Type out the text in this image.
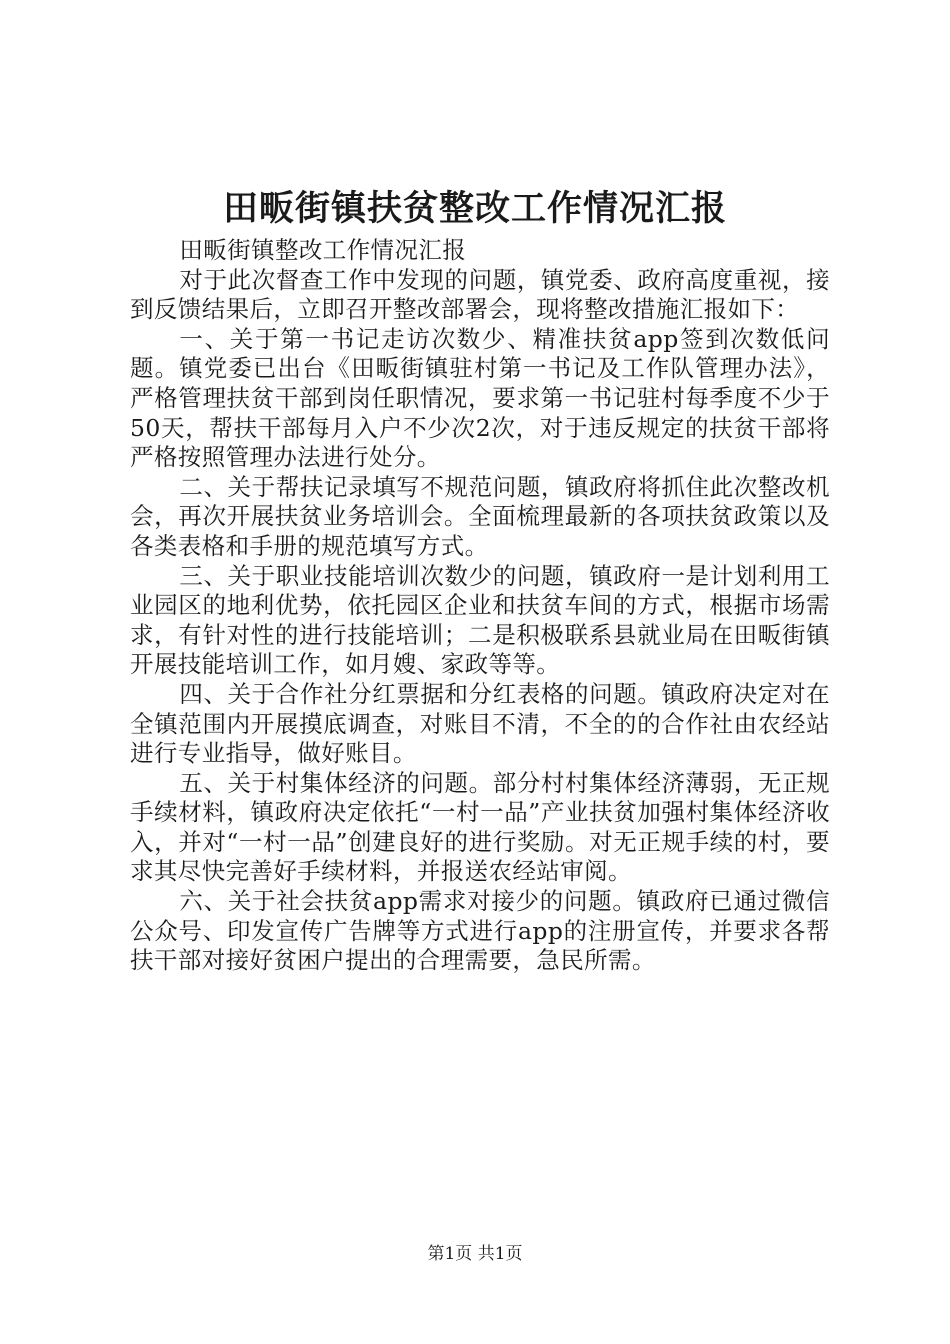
田畈街镇扶贫整改工作情况汇报

田畈街镇整改工作情况汇报

对于此次督查工作中发现的问题，镇党委、政府高度重视，接到反馈结果后，立即召开整改部署会，现将整改措施汇报如下：

一、关于第一书记走访次数少、精准扶贫app签到次数低问题。镇党委已出台《田畈街镇驻村第一书记及工作队管理办法》，严格管理扶贫干部到岗任职情况，要求第一书记驻村每季度不少于50天，帮扶干部每月入户不少次2次，对于违反规定的扶贫干部将严格按照管理办法进行处分。

二、关于帮扶记录填写不规范问题，镇政府将抓住此次整改机会，再次开展扶贫业务培训会。全面梳理最新的各项扶贫政策以及各类表格和手册的规范填写方式。

三、关于职业技能培训次数少的问题，镇政府一是计划利用工业园区的地利优势，依托园区企业和扶贫车间的方式，根据市场需求，有针对性的进行技能培训；二是积极联系县就业局在田畈街镇开展技能培训工作，如月嫂、家政等等。

四、关于合作社分红票据和分红表格的问题。镇政府决定对在全镇范围内开展摸底调查，对账目不清，不全的的合作社由农经站进行专业指导，做好账目。

五、关于村集体经济的问题。部分村村集体经济薄弱，无正规手续材料，镇政府决定依托“一村一品”产业扶贫加强村集体经济收入，并对“一村一品”创建良好的进行奖励。对无正规手续的村，要求其尽快完善好手续材料，并报送农经站审阅。

六、关于社会扶贫app需求对接少的问题。镇政府已通过微信公众号、印发宣传广告牌等方式进行app的注册宣传，并要求各帮扶干部对接好贫困户提出的合理需要，急民所需。

第1页 共1页
